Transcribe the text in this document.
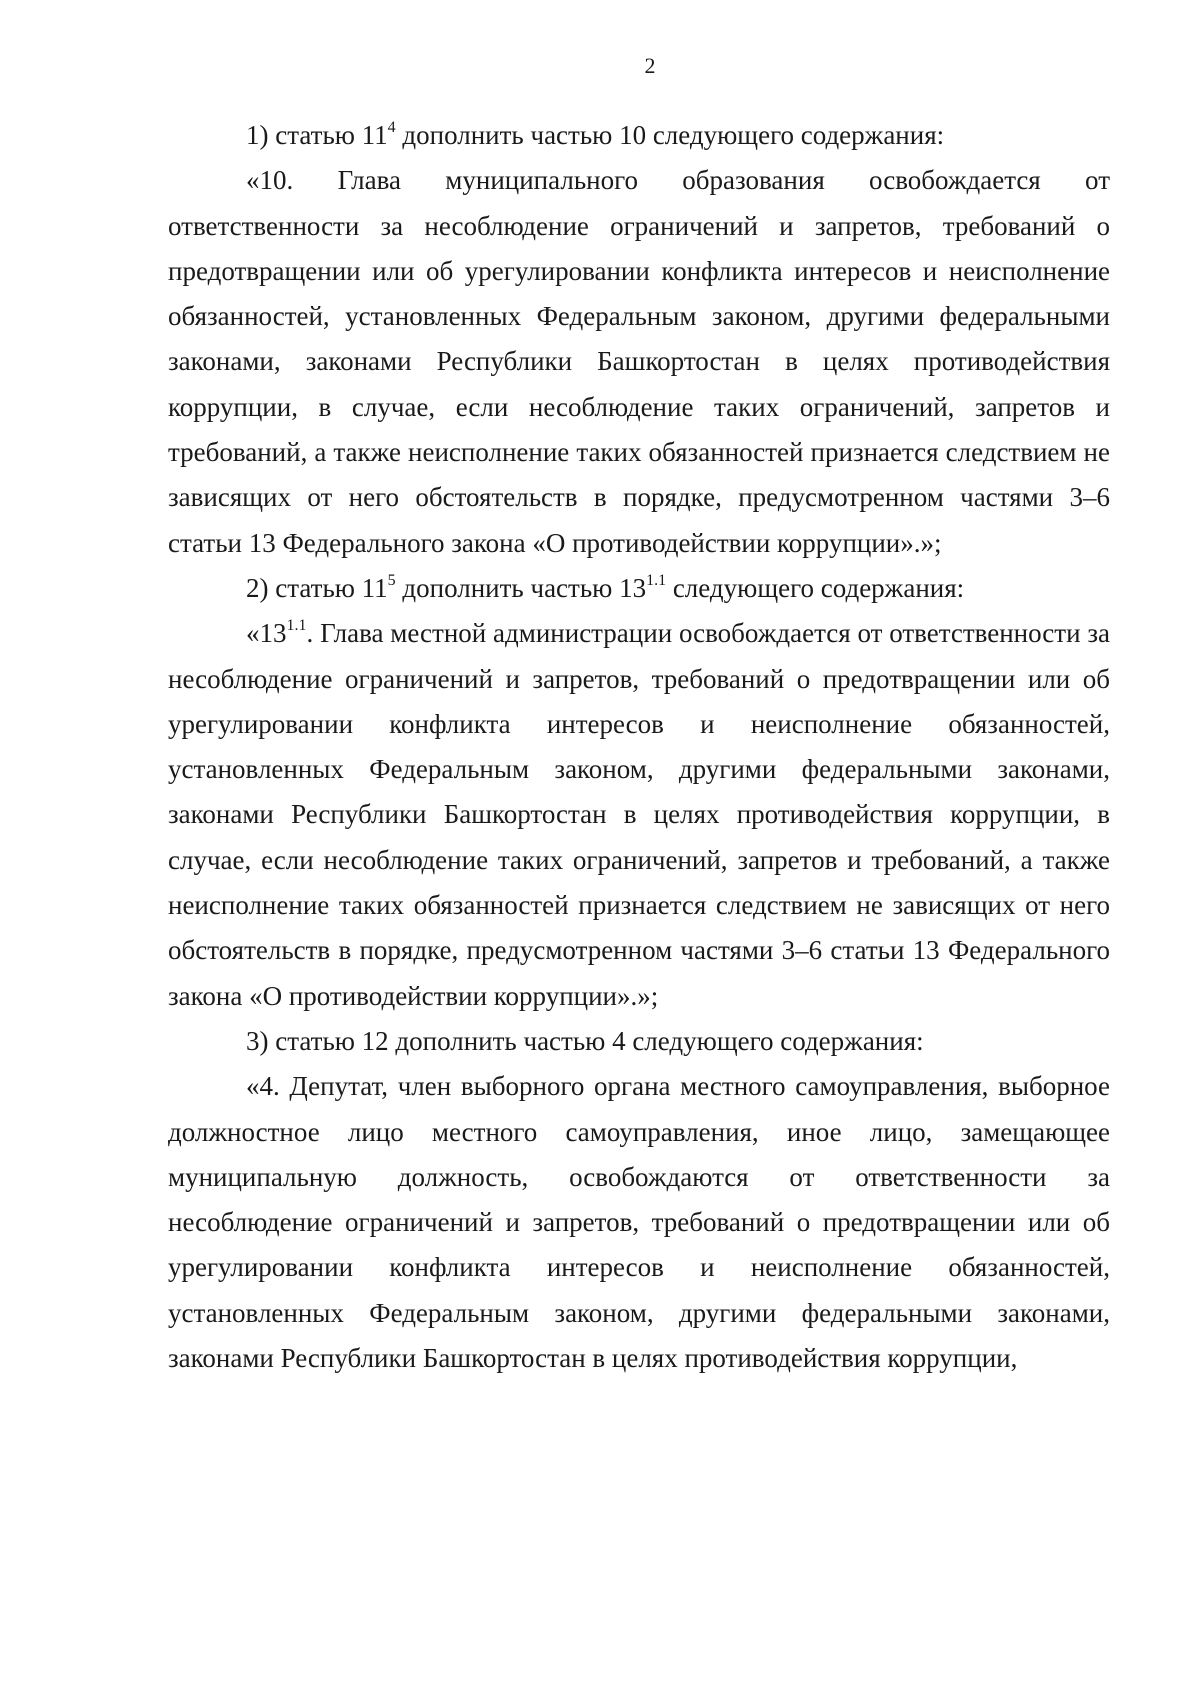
2

1) статью $11^4$ дополнить частью 10 следующего содержания:

«10. Глава муниципального образования освобождается от ответственности за несоблюдение ограничений и запретов, требований о предотвращении или об урегулировании конфликта интересов и неисполнение обязанностей, установленных Федеральным законом, другими федеральными законами, законами Республики Башкортостан в целях противодействия коррупции, в случае, если несоблюдение таких ограничений, запретов и требований, а также неисполнение таких обязанностей признается следствием не зависящих от него обстоятельств в порядке, предусмотренном частями 3–6 статьи 13 Федерального закона «О противодействии коррупции».»;

2) статью $11^5$ дополнить частью $13^{1.1}$ следующего содержания:

«$13^{1.1}$. Глава местной администрации освобождается от ответственности за несоблюдение ограничений и запретов, требований о предотвращении или об урегулировании конфликта интересов и неисполнение обязанностей, установленных Федеральным законом, другими федеральными законами, законами Республики Башкортостан в целях противодействия коррупции, в случае, если несоблюдение таких ограничений, запретов и требований, а также неисполнение таких обязанностей признается следствием не зависящих от него обстоятельств в порядке, предусмотренном частями 3–6 статьи 13 Федерального закона «О противодействии коррупции».»;

3) статью 12 дополнить частью 4 следующего содержания:

«4. Депутат, член выборного органа местного самоуправления, выборное должностное лицо местного самоуправления, иное лицо, замещающее муниципальную должность, освобождаются от ответственности за несоблюдение ограничений и запретов, требований о предотвращении или об урегулировании конфликта интересов и неисполнение обязанностей, установленных Федеральным законом, другими федеральными законами, законами Республики Башкортостан в целях противодействия коррупции,
